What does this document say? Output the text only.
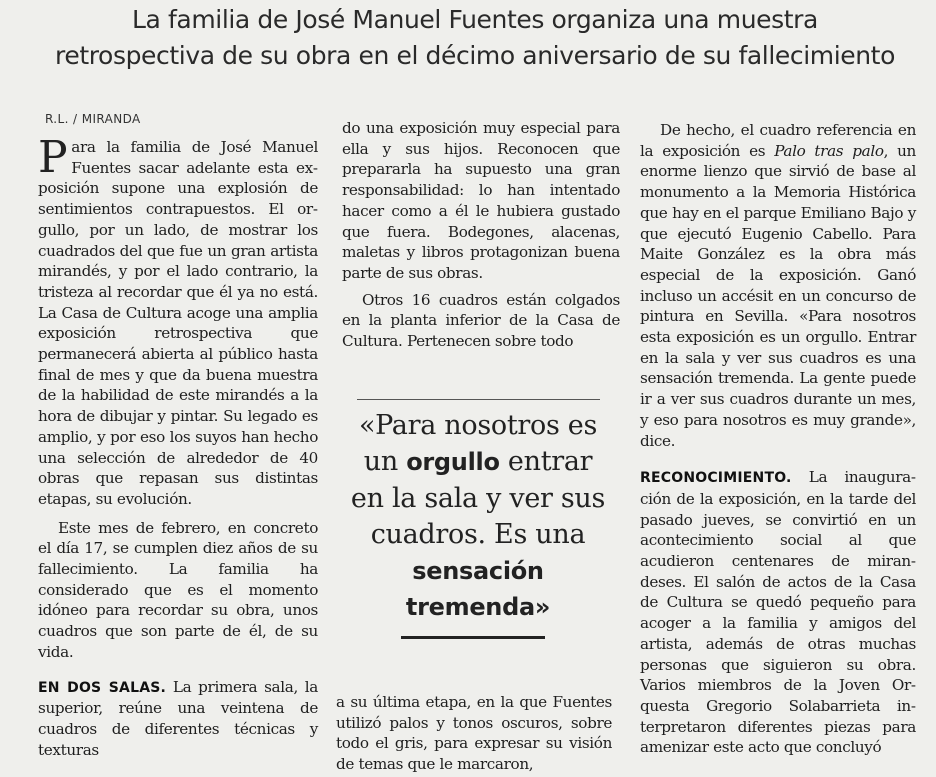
La familia de José Manuel Fuentes organiza una muestra
retrospectiva de su obra en el décimo aniversario de su fallecimiento
R.L. / MIRANDA

Para la familia de José Manuel Fuentes sacar adelante esta exposición supone una explosión de sentimientos contrapuestos. El orgullo, por un lado, de mostrar los cuadrados del que fue un gran artista mirandés, y por el lado contrario, la tristeza al recordar que él ya no está. La Casa de Cultura acoge una amplia exposición retrospectiva que permanecerá abierta al público hasta final de mes y que da buena muestra de la habilidad de este mirandés a la hora de dibujar y pintar. Su legado es amplio, y por eso los suyos han hecho una selección de alrededor de 40 obras que repasan sus distintas etapas, su evolución.

Este mes de febrero, en concreto el día 17, se cumplen diez años de su fallecimiento. La familia ha considerado que es el momento idóneo para recordar su obra, unos cuadros que son parte de él, de su vida.

EN DOS SALAS. La primera sala, la superior, reúne una veintena de cuadros de diferentes técnicas y texturas

do una exposición muy especial para ella y sus hijos. Reconocen que prepararla ha supuesto una gran responsabilidad: lo han intentado hacer como a él le hubiera gustado que fuera. Bodegones, alacenas, maletas y libros protagonizan buena parte de sus obras.

Otros 16 cuadros están colgados en la planta inferior de la Casa de Cultura. Pertenecen sobre todo

«Para nosotros es un orgullo entrar en la sala y ver sus cuadros. Es una sensación tremenda»

a su última etapa, en la que Fuentes utilizó palos y tonos oscuros, sobre todo el gris, para expresar su visión de temas que le marcaron,

De hecho, el cuadro referencia en la exposición es Palo tras palo, un enorme lienzo que sirvió de base al monumento a la Memoria Histórica que hay en el parque Emiliano Bajo y que ejecutó Eugenio Cabello. Para Maite González es la obra más especial de la exposición. Ganó incluso un accésit en un concurso de pintura en Sevilla. «Para nosotros esta exposición es un orgullo. Entrar en la sala y ver sus cuadros es una sensación tremenda. La gente puede ir a ver sus cuadros durante un mes, y eso para nosotros es muy grande», dice.

RECONOCIMIENTO. La inauguración de la exposición, en la tarde del pasado jueves, se convirtió en un acontecimiento social al que acudieron centenares de mirandeses. El salón de actos de la Casa de Cultura se quedó pequeño para acoger a la familia y amigos del artista, además de otras muchas personas que siguieron su obra. Varios miembros de la Joven Orquesta Gregorio Solabarrieta interpretaron diferentes piezas para amenizar este acto que concluyó
